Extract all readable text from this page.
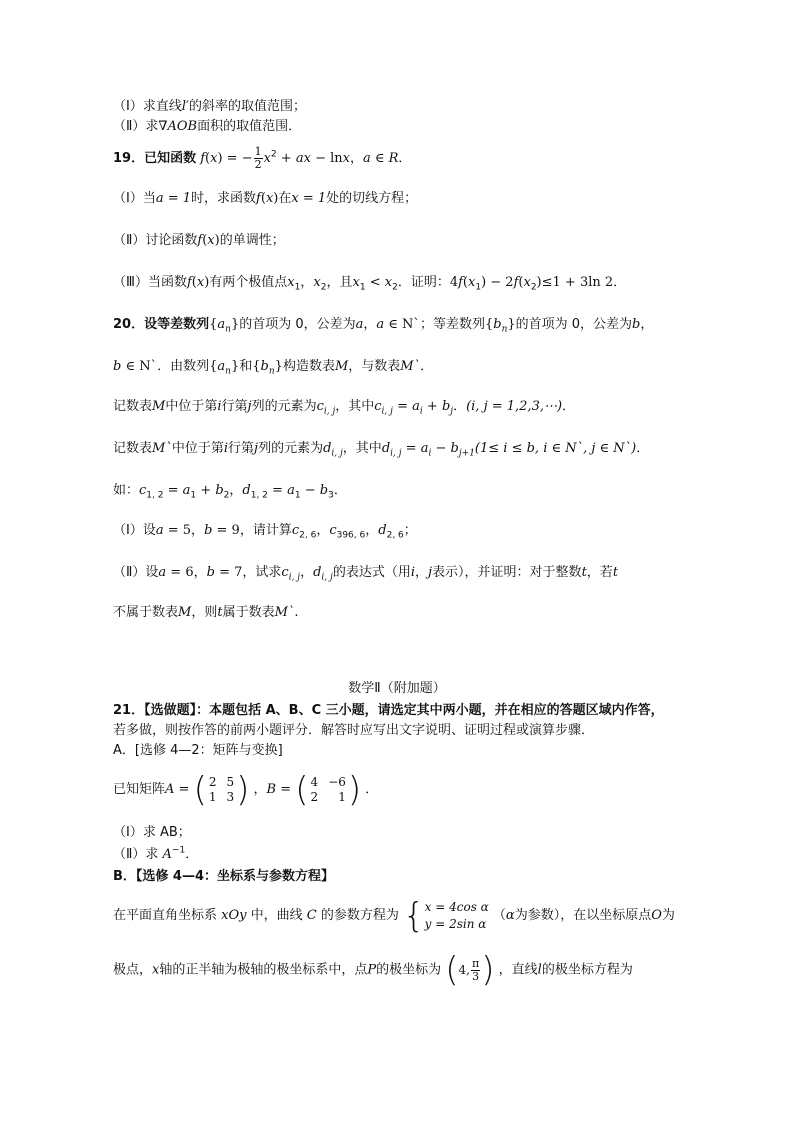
（Ⅰ）求直线l′的斜率的取值范围；
（Ⅱ）求∇AOB面积的取值范围．
19．已知函数 f(x) = − $\frac{1}{2} x^2$ + ax − lnx，a ∈ R．
（Ⅰ）当a = 1时，求函数f(x)在x = 1处的切线方程；
（Ⅱ）讨论函数f(x)的单调性；
（Ⅲ）当函数f(x)有两个极值点$x_1$，$x_2$，且$x_1 < x_2$．证明：$4f(x_1) - 2f(x_2)\le 1 + 3\ln$ 2．
20．设等差数列$\{a_n\}$的首项为 0，公差为a，a ∈ N`；等差数列$\{b_n\}$的首项为 0，公差为b，
b ∈ N`．由数列$\{a_n\}$和$\{b_n\}$构造数表M，与数表M`．
记数表M中位于第i行第j列的元素为$c_{i, j}$，其中$c_{i, j} = a_i + b_j$．(i, j = 1,2,3,⋯)．
记数表M`中位于第i行第j列的元素为$d_{i, j}$，其中$d_{i, j} = a_i - b_{j+1}(1\le i \le b$, i ∈ N`, j ∈ N`)．
如：$c_{1, 2} = a_1 + b_2$，$d_{1, 2} = a_1 - b_3$．
（Ⅰ）设a = 5，b = 9，请计算$c_{2, 6}$，$c_{396, 6}$，$d_{2, 6}$；
（Ⅱ）设a = 6，b = 7，试求$c_{i, j}$，$d_{i, j}$的表达式（用i，j表示），并证明：对于整数t，若t
不属于数表M，则t属于数表M`.
数学Ⅱ（附加题）
21．【选做题】：本题包括 A、B、C 三小题，请选定其中两小题，并在相应的答题区域内作答，
若多做，则按作答的前两小题评分．解答时应写出文字说明、证明过程或演算步骤．
A．[选修 4—2：矩阵与变换]
已知矩阵A = ( 2 5
1 3 ) ，B = ( 4 −6
2	1 ) ．
（Ⅰ）求 AB；
（Ⅱ）求 $A^{-1}$．
B．【选修 4—4：坐标系与参数方程】
在平面直角坐标系 xOy 中，曲线 C 的参数方程为 { x = 4cos α
y = 2sin α
（α为参数），在以坐标原点O为
极点，x轴的正半轴为极轴的极坐标系中，点P的极坐标为 ( 4, $\frac{\pi}{3}$ ) ，直线l的极坐标方程为
